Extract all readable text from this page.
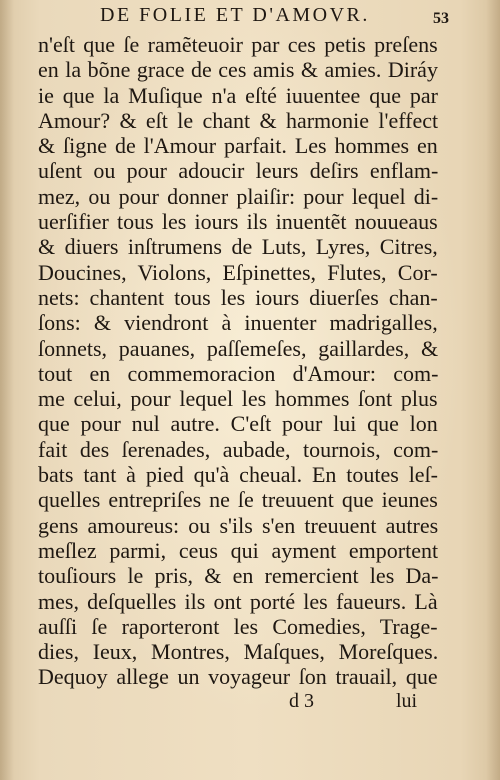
DE FOLIE ET D'AMOVR.	53
n'eſt que ſe ramẽteuoir par ces petis preſens
en la bõne grace de ces amis & amies. Diráy
ie que la Muſique n'a eſté iuuentee que par
Amour? & eſt le chant & harmonie l'effect
& ſigne de l'Amour parfait. Les hommes en
uſent ou pour adoucir leurs deſirs enflam-
mez, ou pour donner plaiſir: pour lequel di-
uerſifier tous les iours ils inuentẽt nouueaus
& diuers inſtrumens de Luts, Lyres, Citres,
Doucines, Violons, Eſpinettes, Flutes, Cor-
nets: chantent tous les iours diuerſes chan-
ſons: & viendront à inuenter madrigalles,
ſonnets, pauanes, paſſemeſes, gaillardes, &
tout en commemoracion d'Amour: com-
me celui, pour lequel les hommes ſont plus
que pour nul autre. C'eſt pour lui que lon
fait des ſerenades, aubade, tournois, com-
bats tant à pied qu'à cheual. En toutes leſ-
quelles entrepriſes ne ſe treuuent que ieunes
gens amoureus: ou s'ils s'en treuuent autres
meſlez parmi, ceus qui ayment emportent
touſiours le pris, & en remercient les Da-
mes, deſquelles ils ont porté les faueurs. Là
auſſi ſe raporteront les Comedies, Trage-
dies, Ieux, Montres, Maſques, Moreſques.
Dequoy allege un voyageur ſon trauail, que
d 3	lui
